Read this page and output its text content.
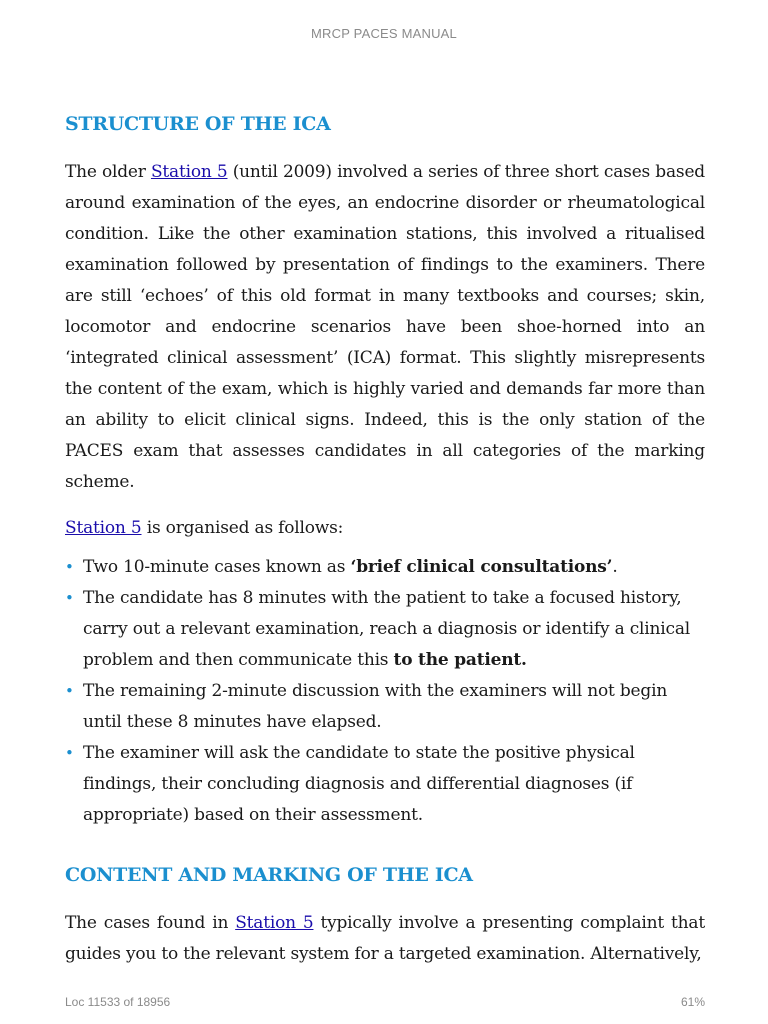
MRCP PACES MANUAL
STRUCTURE OF THE ICA

The older Station 5 (until 2009) involved a series of three short cases based around examination of the eyes, an endocrine disorder or rheumatological condition. Like the other examination stations, this involved a ritualised examination followed by presentation of findings to the examiners. There are still ‘echoes’ of this old format in many textbooks and courses; skin, locomotor and endocrine scenarios have been shoe-horned into an ‘integrated clinical assessment’ (ICA) format. This slightly misrepresents the content of the exam, which is highly varied and demands far more than an ability to elicit clinical signs. Indeed, this is the only station of the PACES exam that assesses candidates in all categories of the marking scheme.

Station 5 is organised as follows:

• Two 10-minute cases known as ‘brief clinical consultations’.
• The candidate has 8 minutes with the patient to take a focused history, carry out a relevant examination, reach a diagnosis or identify a clinical problem and then communicate this to the patient.
• The remaining 2-minute discussion with the examiners will not begin until these 8 minutes have elapsed.
• The examiner will ask the candidate to state the positive physical findings, their concluding diagnosis and differential diagnoses (if appropriate) based on their assessment.
CONTENT AND MARKING OF THE ICA

The cases found in Station 5 typically involve a presenting complaint that guides you to the relevant system for a targeted examination. Alternatively,

Loc 11533 of 18956	61%
